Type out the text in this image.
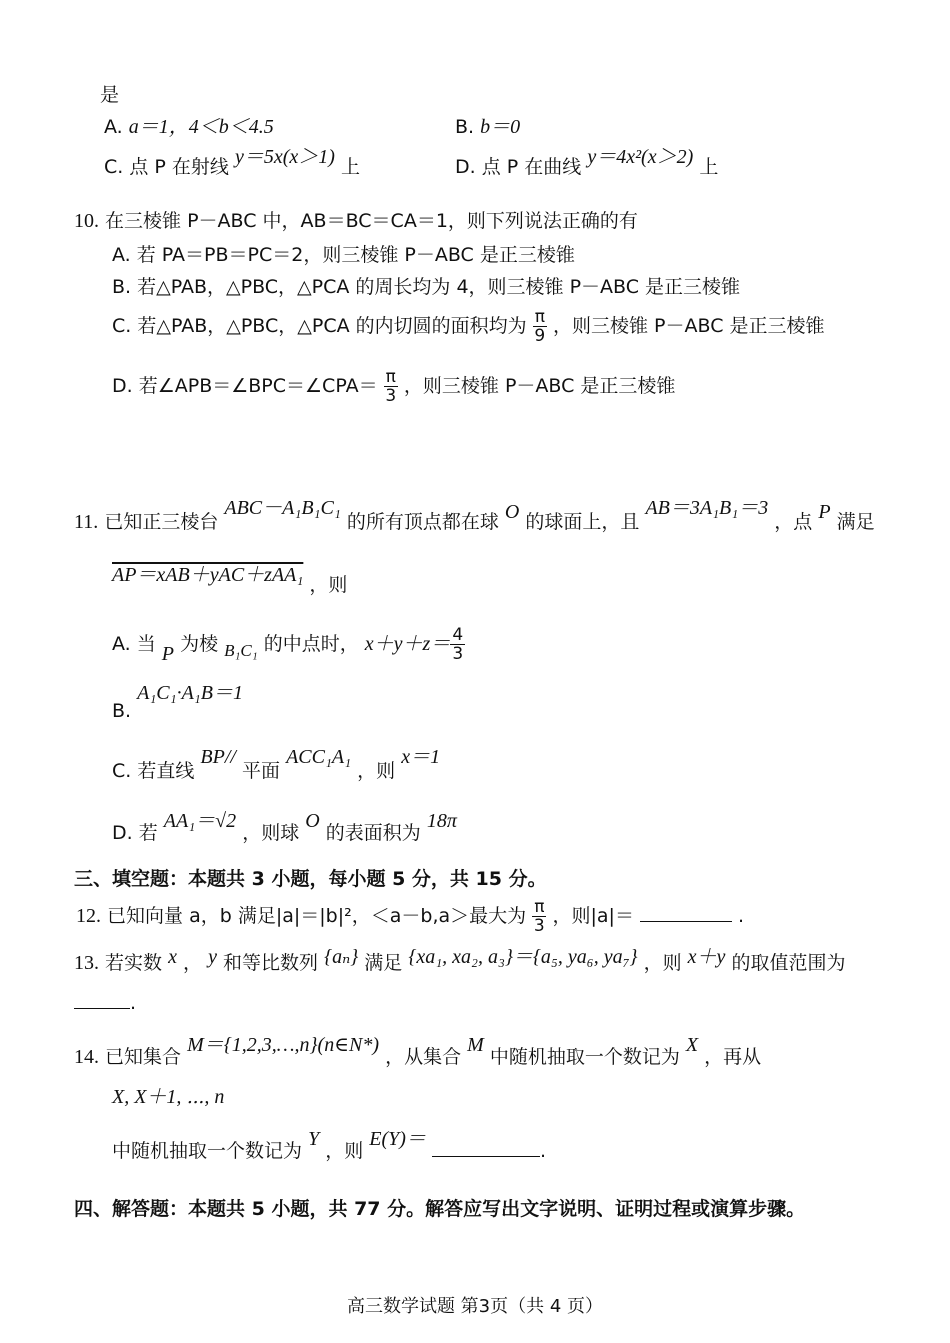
是
A. a＝1，4＜b＜4.5	B. b＝0
C. 点 P 在射线 y＝5x(x＞1) 上	D. 点 P 在曲线 y＝4x²(x＞2) 上
10. 在三棱锥 P－ABC 中，AB＝BC＝CA＝1，则下列说法正确的有
A. 若 PA＝PB＝PC＝2，则三棱锥 P－ABC 是正三棱锥
B. 若△PAB，△PBC，△PCA 的周长均为 4，则三棱锥 P－ABC 是正三棱锥
C. 若△PAB，△PBC，△PCA 的内切圆的面积均为 $\frac{\pi}{9}$ ，则三棱锥 P－ABC 是正三棱锥
D. 若∠APB＝∠BPC＝∠CPA＝ $\frac{\pi}{3}$ ，则三棱锥 P－ABC 是正三棱锥
11. 已知正三棱台 ABC－A₁B₁C₁ 的所有顶点都在球 O 的球面上，且 AB＝3A₁B₁＝3 ，点 P 满足
AP＝xAB＋yAC＋zAA₁ ，则
A. 当 P 为棱 B₁C₁ 的中点时， $x+y+z= \frac{4}{3}$
B. A₁C₁·A₁B＝1
C. 若直线 BP// 平面 ACC₁A₁ ，则 x＝1
D. 若 AA₁＝√2 ，则球 O 的表面积为 18π
三、填空题：本题共 3 小题，每小题 5 分，共 15 分。
12. 已知向量 a，b 满足|a|＝|b|²，＜a－b,a＞最大为 $\frac{\pi}{3}$ ，则|a|＝	.
13. 若实数 x ， y 和等比数列 {aₙ} 满足 {xa₁, xa₂, a₃}＝{a₅, ya₆, ya₇} ，则 x＋y 的取值范围为
.
14. 已知集合 M＝{1,2,3,…,n}(n∈N*) ，从集合 M 中随机抽取一个数记为 X ，再从
X, X＋1, ⋯, n
中随机抽取一个数记为 Y ，则 E(Y)＝ .
四、解答题：本题共 5 小题，共 77 分。解答应写出文字说明、证明过程或演算步骤。
高三数学试题 第3页（共 4 页）
